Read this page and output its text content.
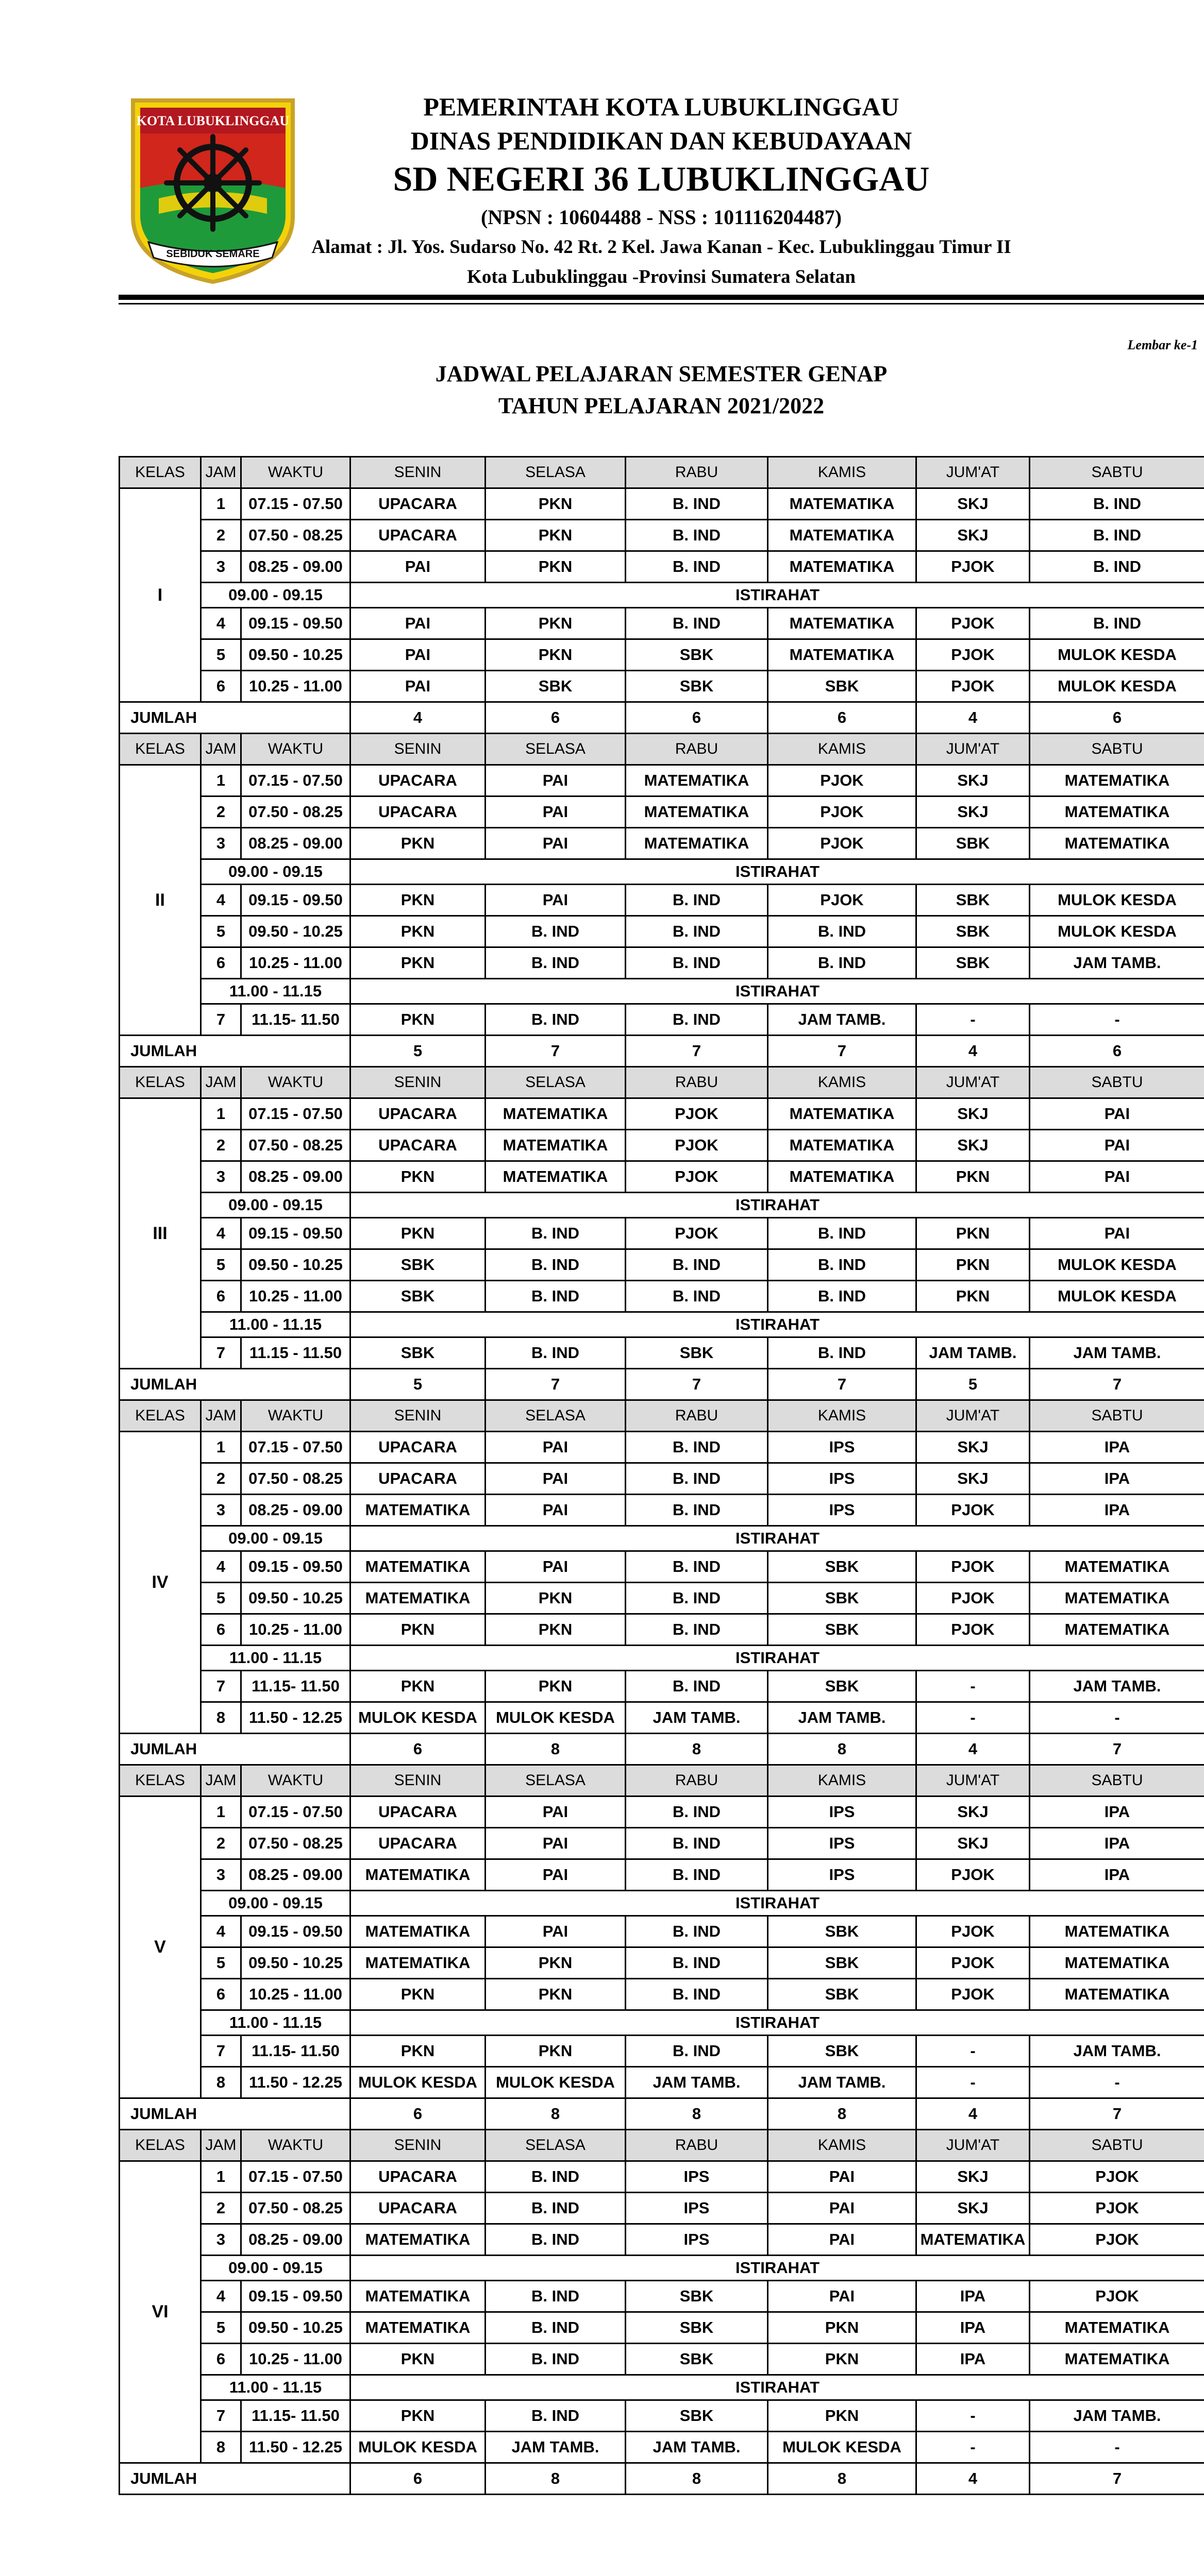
KOTA LUBUKLINGGAU
SEBIDUK SEMARE
PEMERINTAH KOTA LUBUKLINGGAU
DINAS PENDIDIKAN DAN KEBUDAYAAN
SD NEGERI 36 LUBUKLINGGAU
(NPSN : 10604488 - NSS : 101116204487)
Alamat : Jl. Yos. Sudarso No. 42 Rt. 2 Kel. Jawa Kanan - Kec. Lubuklinggau Timur II
Kota Lubuklinggau -Provinsi Sumatera Selatan
Lembar ke-1
JADWAL PELAJARAN SEMESTER GENAP
TAHUN PELAJARAN 2021/2022
KELAS	JAM	WAKTU	SENIN	SELASA	RABU	KAMIS	JUM'AT	SABTU
I	1	07.15 - 07.50	UPACARA	PKN	B. IND	MATEMATIKA	SKJ	B. IND
	2	07.50 - 08.25	UPACARA	PKN	B. IND	MATEMATIKA	SKJ	B. IND
	3	08.25 - 09.00	PAI	PKN	B. IND	MATEMATIKA	PJOK	B. IND
	09.00 - 09.15		ISTIRAHAT					
	4	09.15 - 09.50	PAI	PKN	B. IND	MATEMATIKA	PJOK	B. IND
	5	09.50 - 10.25	PAI	PKN	SBK	MATEMATIKA	PJOK	MULOK KESDA
	6	10.25 - 11.00	PAI	SBK	SBK	SBK	PJOK	MULOK KESDA
JUMLAH			4	6	6	6	4	6
KELAS	JAM	WAKTU	SENIN	SELASA	RABU	KAMIS	JUM'AT	SABTU
II	1	07.15 - 07.50	UPACARA	PAI	MATEMATIKA	PJOK	SKJ	MATEMATIKA
	2	07.50 - 08.25	UPACARA	PAI	MATEMATIKA	PJOK	SKJ	MATEMATIKA
	3	08.25 - 09.00	PKN	PAI	MATEMATIKA	PJOK	SBK	MATEMATIKA
	09.00 - 09.15		ISTIRAHAT					
	4	09.15 - 09.50	PKN	PAI	B. IND	PJOK	SBK	MULOK KESDA
	5	09.50 - 10.25	PKN	B. IND	B. IND	B. IND	SBK	MULOK KESDA
	6	10.25 - 11.00	PKN	B. IND	B. IND	B. IND	SBK	JAM TAMB.
	11.00 - 11.15		ISTIRAHAT					
	7	11.15- 11.50	PKN	B. IND	B. IND	JAM TAMB.	-	-
JUMLAH			5	7	7	7	4	6
KELAS	JAM	WAKTU	SENIN	SELASA	RABU	KAMIS	JUM'AT	SABTU
III	1	07.15 - 07.50	UPACARA	MATEMATIKA	PJOK	MATEMATIKA	SKJ	PAI
	2	07.50 - 08.25	UPACARA	MATEMATIKA	PJOK	MATEMATIKA	SKJ	PAI
	3	08.25 - 09.00	PKN	MATEMATIKA	PJOK	MATEMATIKA	PKN	PAI
	09.00 - 09.15		ISTIRAHAT					
	4	09.15 - 09.50	PKN	B. IND	PJOK	B. IND	PKN	PAI
	5	09.50 - 10.25	SBK	B. IND	B. IND	B. IND	PKN	MULOK KESDA
	6	10.25 - 11.00	SBK	B. IND	B. IND	B. IND	PKN	MULOK KESDA
	11.00 - 11.15		ISTIRAHAT					
	7	11.15 - 11.50	SBK	B. IND	SBK	B. IND	JAM TAMB.	JAM TAMB.
JUMLAH			5	7	7	7	5	7
KELAS	JAM	WAKTU	SENIN	SELASA	RABU	KAMIS	JUM'AT	SABTU
IV	1	07.15 - 07.50	UPACARA	PAI	B. IND	IPS	SKJ	IPA
	2	07.50 - 08.25	UPACARA	PAI	B. IND	IPS	SKJ	IPA
	3	08.25 - 09.00	MATEMATIKA	PAI	B. IND	IPS	PJOK	IPA
	09.00 - 09.15		ISTIRAHAT					
	4	09.15 - 09.50	MATEMATIKA	PAI	B. IND	SBK	PJOK	MATEMATIKA
	5	09.50 - 10.25	MATEMATIKA	PKN	B. IND	SBK	PJOK	MATEMATIKA
	6	10.25 - 11.00	PKN	PKN	B. IND	SBK	PJOK	MATEMATIKA
	11.00 - 11.15		ISTIRAHAT					
	7	11.15- 11.50	PKN	PKN	B. IND	SBK	-	JAM TAMB.
	8	11.50 - 12.25	MULOK KESDA	MULOK KESDA	JAM TAMB.	JAM TAMB.	-	-
JUMLAH			6	8	8	8	4	7
KELAS	JAM	WAKTU	SENIN	SELASA	RABU	KAMIS	JUM'AT	SABTU
V	1	07.15 - 07.50	UPACARA	PAI	B. IND	IPS	SKJ	IPA
	2	07.50 - 08.25	UPACARA	PAI	B. IND	IPS	SKJ	IPA
	3	08.25 - 09.00	MATEMATIKA	PAI	B. IND	IPS	PJOK	IPA
	09.00 - 09.15		ISTIRAHAT					
	4	09.15 - 09.50	MATEMATIKA	PAI	B. IND	SBK	PJOK	MATEMATIKA
	5	09.50 - 10.25	MATEMATIKA	PKN	B. IND	SBK	PJOK	MATEMATIKA
	6	10.25 - 11.00	PKN	PKN	B. IND	SBK	PJOK	MATEMATIKA
	11.00 - 11.15		ISTIRAHAT					
	7	11.15- 11.50	PKN	PKN	B. IND	SBK	-	JAM TAMB.
	8	11.50 - 12.25	MULOK KESDA	MULOK KESDA	JAM TAMB.	JAM TAMB.	-	-
JUMLAH			6	8	8	8	4	7
KELAS	JAM	WAKTU	SENIN	SELASA	RABU	KAMIS	JUM'AT	SABTU
VI	1	07.15 - 07.50	UPACARA	B. IND	IPS	PAI	SKJ	PJOK
	2	07.50 - 08.25	UPACARA	B. IND	IPS	PAI	SKJ	PJOK
	3	08.25 - 09.00	MATEMATIKA	B. IND	IPS	PAI	MATEMATIKA	PJOK
	09.00 - 09.15		ISTIRAHAT					
	4	09.15 - 09.50	MATEMATIKA	B. IND	SBK	PAI	IPA	PJOK
	5	09.50 - 10.25	MATEMATIKA	B. IND	SBK	PKN	IPA	MATEMATIKA
	6	10.25 - 11.00	PKN	B. IND	SBK	PKN	IPA	MATEMATIKA
	11.00 - 11.15		ISTIRAHAT					
	7	11.15- 11.50	PKN	B. IND	SBK	PKN	-	JAM TAMB.
	8	11.50 - 12.25	MULOK KESDA	JAM TAMB.	JAM TAMB.	MULOK KESDA	-	-
JUMLAH			6	8	8	8	4	7
